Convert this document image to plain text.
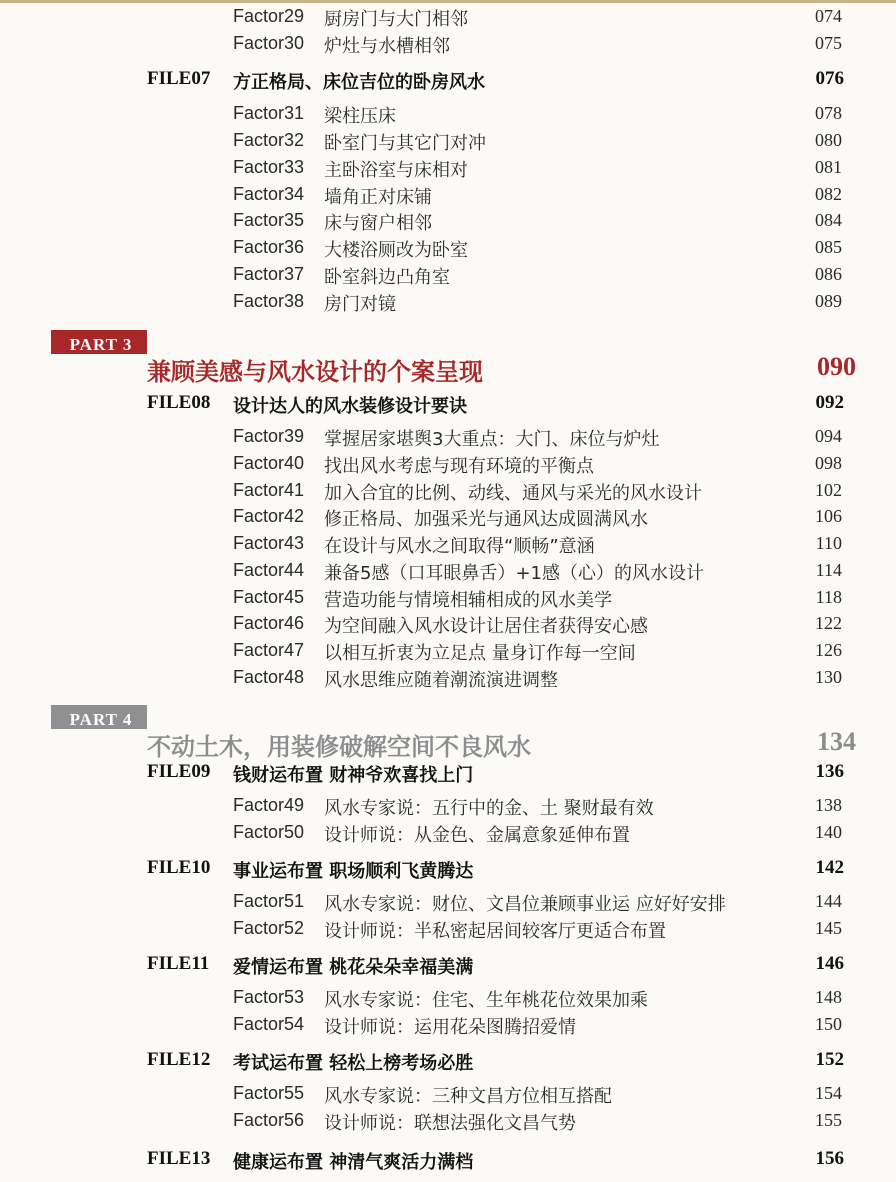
Factor29 厨房门与大门相邻	074
Factor30 炉灶与水槽相邻	075
FILE07 方正格局、床位吉位的卧房风水	076
Factor31 梁柱压床	078
Factor32 卧室门与其它门对冲	080
Factor33 主卧浴室与床相对	081
Factor34 墙角正对床铺	082
Factor35 床与窗户相邻	084
Factor36 大楼浴厕改为卧室	085
Factor37 卧室斜边凸角室	086
Factor38 房门对镜	089
PART 3
兼顾美感与风水设计的个案呈现	090
FILE08 设计达人的风水装修设计要诀	092
Factor39 掌握居家堪舆3大重点：大门、床位与炉灶	094
Factor40 找出风水考虑与现有环境的平衡点	098
Factor41 加入合宜的比例、动线、通风与采光的风水设计	102
Factor42 修正格局、加强采光与通风达成圆满风水	106
Factor43 在设计与风水之间取得“顺畅”意涵	110
Factor44 兼备5感（口耳眼鼻舌）+1感（心）的风水设计	114
Factor45 营造功能与情境相辅相成的风水美学	118
Factor46 为空间融入风水设计让居住者获得安心感	122
Factor47 以相互折衷为立足点 量身订作每一空间	126
Factor48 风水思维应随着潮流演进调整	130
PART 4
不动土木，用装修破解空间不良风水	134
FILE09 钱财运布置 财神爷欢喜找上门	136
Factor49 风水专家说：五行中的金、土 聚财最有效	138
Factor50 设计师说：从金色、金属意象延伸布置	140
FILE10 事业运布置 职场顺利飞黄腾达	142
Factor51 风水专家说：财位、文昌位兼顾事业运 应好好安排	144
Factor52 设计师说：半私密起居间较客厅更适合布置	145
FILE11 爱情运布置 桃花朵朵幸福美满	146
Factor53 风水专家说：住宅、生年桃花位效果加乘	148
Factor54 设计师说：运用花朵图腾招爱情	150
FILE12 考试运布置 轻松上榜考场必胜	152
Factor55 风水专家说：三种文昌方位相互搭配	154
Factor56 设计师说：联想法强化文昌气势	155
FILE13 健康运布置 神清气爽活力满档	156
